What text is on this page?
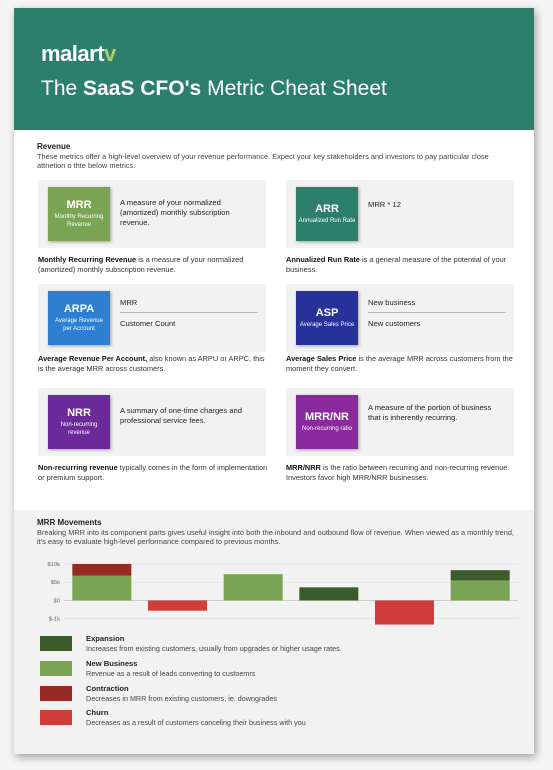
malartv
The SaaS CFO's Metric Cheat Sheet
Revenue
These metrics offer a high-level overview of your revenue performance. Expect your key stakeholders and investors to pay particular close attnetion o thte below metrics.
MRR
Monthly Recurring Revenue
A measure of your normalized (amortized) monthly subscription revenue.
Monthly Recurring Revenue is a measure of your normalized (amortized) monthly subscription revenue.
ARR
Annualized Run Rate
MRR * 12
Annualized Run Rate is a general measure of the potential of your business.
ARPA
Average Revenue per Account
MRR
Customer Count
Average Revenue Per Account, also known as ARPU or ARPC, this is the average MRR across customers.
ASP
Average Sales Price
New business
New customers
Average Sales Price is the average MRR across customers from the moment they convert.
NRR
Non-recurring revenue
A summary of one-time charges and professional service fees.
Non-recurring revenue typically comes in the form of implementation or premium support.
MRR/NR
Non-recurring ratio
A measure of the portion of business that is inherently recurring.
MRR/NRR is the ratio between recurring and non-recurring revenue. Investors favor high MRR/NRR businesses.
MRR Movements
Breaking MRR into its component parts gives useful insight into both the inbound and outbound flow of revenue. When viewed as a monthly trend, it's easy to evaluate high-level performance compared to previous months.
$10k
$5k
$0
$-1k
Expansion
Increases from existing customers, usually from upgrades or higher usage rates.
New Business
Revenue as a result of leads converting to custoemrs
Contraction
Decreases in MRR from existing customers, ie. downgrades
Churn
Decreases as a result of customers canceling their business with you
